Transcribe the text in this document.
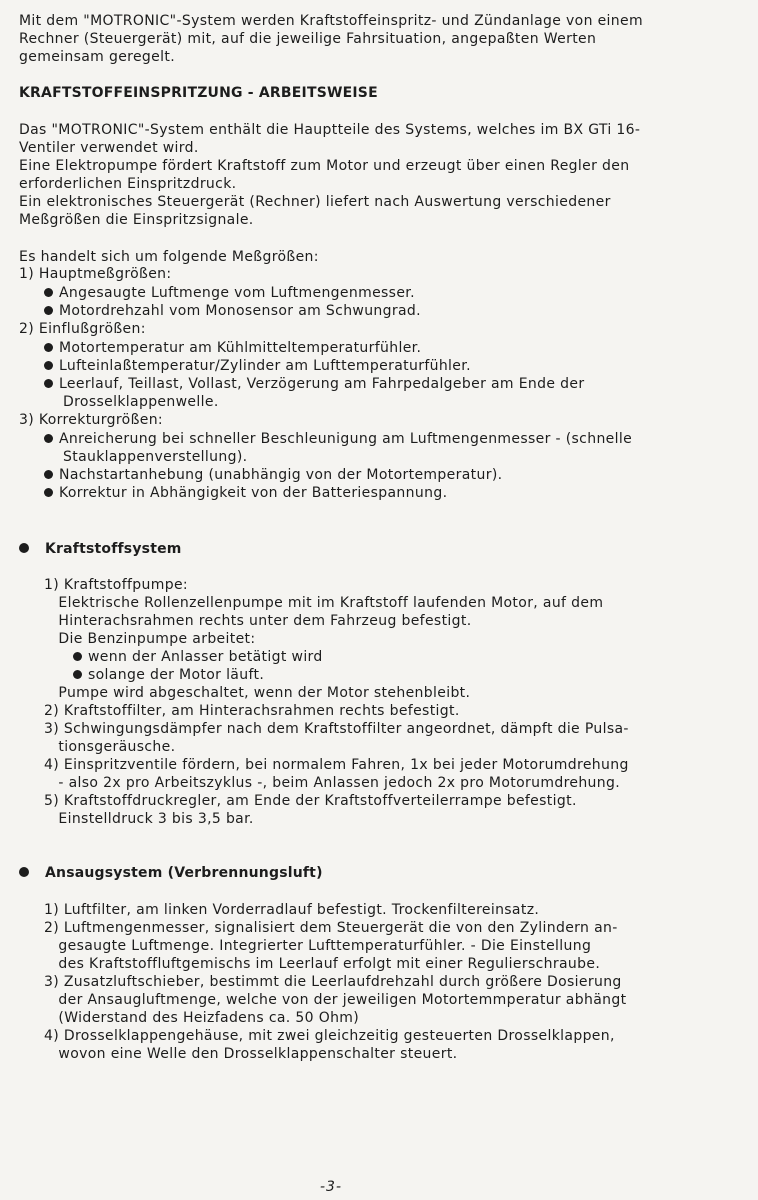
Mit dem "MOTRONIC"-System werden Kraftstoffeinspritz- und Zündanlage von einem
Rechner (Steuergerät) mit, auf die jeweilige Fahrsituation, angepaßten Werten
gemeinsam geregelt.
KRAFTSTOFFEINSPRITZUNG - ARBEITSWEISE
Das "MOTRONIC"-System enthält die Hauptteile des Systems, welches im BX GTi 16-
Ventiler verwendet wird.
Eine Elektropumpe fördert Kraftstoff zum Motor und erzeugt über einen Regler den
erforderlichen Einspritzdruck.
Ein elektronisches Steuergerät (Rechner) liefert nach Auswertung verschiedener
Meßgrößen die Einspritzsignale.
Es handelt sich um folgende Meßgrößen:
1) Hauptmeßgrößen:
Angesaugte Luftmenge vom Luftmengenmesser.
Motordrehzahl vom Monosensor am Schwungrad.
2) Einflußgrößen:
Motortemperatur am Kühlmitteltemperaturfühler.
Lufteinlaßtemperatur/Zylinder am Lufttemperaturfühler.
Leerlauf, Teillast, Vollast, Verzögerung am Fahrpedalgeber am Ende der
Drosselklappenwelle.
3) Korrekturgrößen:
Anreicherung bei schneller Beschleunigung am Luftmengenmesser - (schnelle
Stauklappenverstellung).
Nachstartanhebung (unabhängig von der Motortemperatur).
Korrektur in Abhängigkeit von der Batteriespannung.
Kraftstoffsystem
1) Kraftstoffpumpe:
Elektrische Rollenzellenpumpe mit im Kraftstoff laufenden Motor, auf dem
Hinterachsrahmen rechts unter dem Fahrzeug befestigt.
Die Benzinpumpe arbeitet:
wenn der Anlasser betätigt wird
solange der Motor läuft.
Pumpe wird abgeschaltet, wenn der Motor stehenbleibt.
2) Kraftstoffilter, am Hinterachsrahmen rechts befestigt.
3) Schwingungsdämpfer nach dem Kraftstoffilter angeordnet, dämpft die Pulsa-
tionsgeräusche.
4) Einspritzventile fördern, bei normalem Fahren, 1x bei jeder Motorumdrehung
- also 2x pro Arbeitszyklus -, beim Anlassen jedoch 2x pro Motorumdrehung.
5) Kraftstoffdruckregler, am Ende der Kraftstoffverteilerrampe befestigt.
Einstelldruck 3 bis 3,5 bar.
Ansaugsystem (Verbrennungsluft)
1) Luftfilter, am linken Vorderradlauf befestigt. Trockenfiltereinsatz.
2) Luftmengenmesser, signalisiert dem Steuergerät die von den Zylindern an-
gesaugte Luftmenge. Integrierter Lufttemperaturfühler. - Die Einstellung
des Kraftstoffluftgemischs im Leerlauf erfolgt mit einer Regulierschraube.
3) Zusatzluftschieber, bestimmt die Leerlaufdrehzahl durch größere Dosierung
der Ansaugluftmenge, welche von der jeweiligen Motortemmperatur abhängt
(Widerstand des Heizfadens ca. 50 Ohm)
4) Drosselklappengehäuse, mit zwei gleichzeitig gesteuerten Drosselklappen,
wovon eine Welle den Drosselklappenschalter steuert.
-3-
